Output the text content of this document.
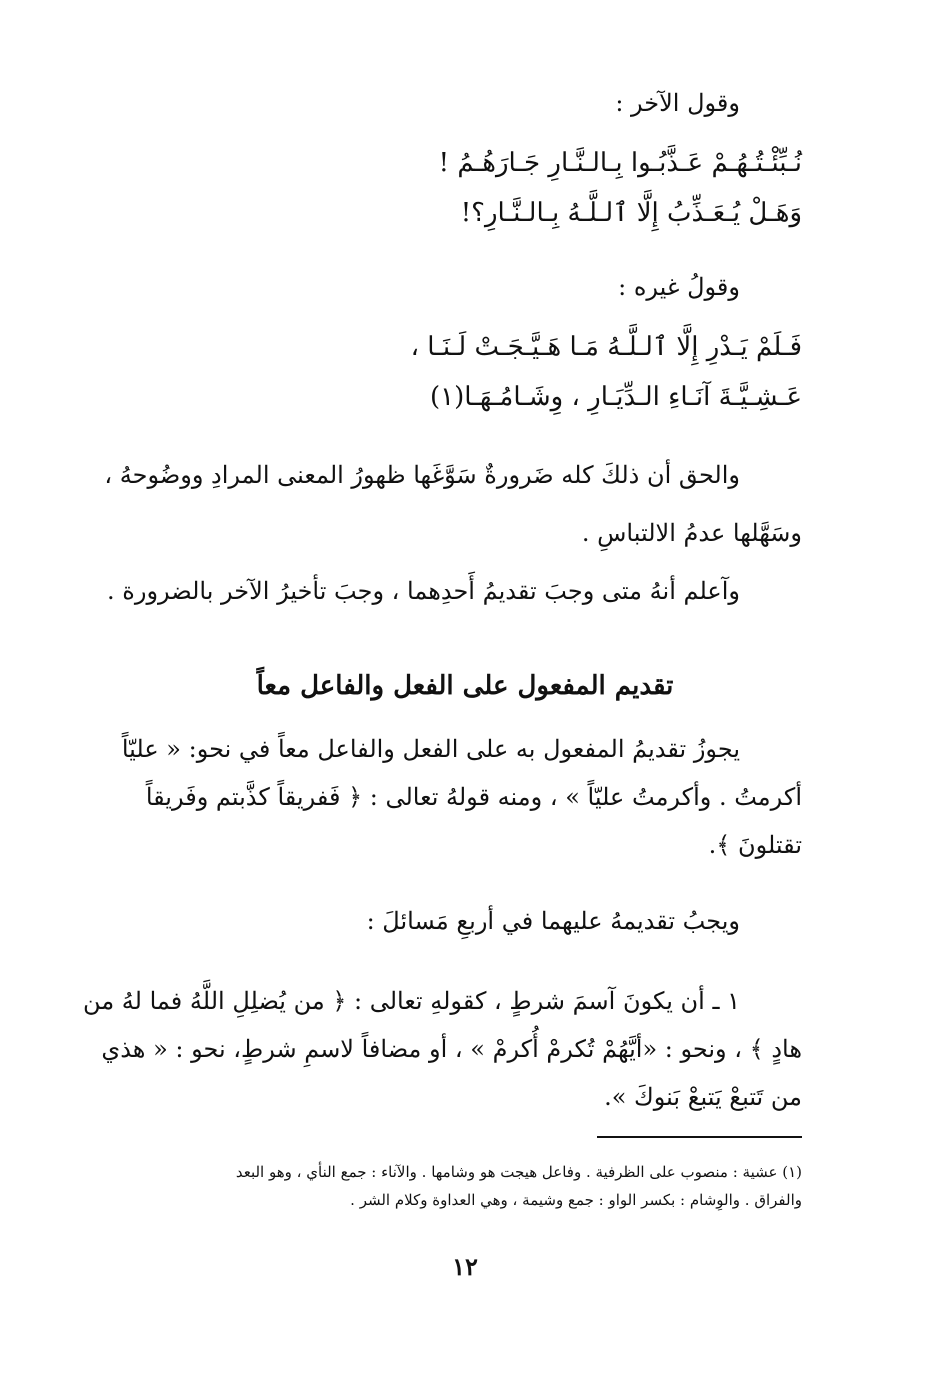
وقول الآخر :
نُـبِّئْـتُـهُـمْ عَـذَّبُـوا بِـالـنَّـارِ جَـارَهُـمُ !
وَهَـلْ يُـعَـذِّبُ إِلَّا ٱلـلَّـهُ بِـالـنَّـارِ؟!
وقولُ غيره :
فَـلَمْ يَـدْرِ إِلَّا ٱلـلَّـهُ مَـا هَـيَّـجَـتْ لَـنَـا ،
عَـشِـيَّـةَ آنَـاءِ الـدِّيَـارِ ، وِشَـامُـهَـا(١)
والحق أن ذلكَ كله ضَرورةٌ سَوَّغَها ظهورُ المعنى المرادِ ووضُوحهُ ،
وسَهَّلها عدمُ الالتباسِ .
وآعلم أنهُ متى وجبَ تقديمُ أَحدِهما ، وجبَ تأخيرُ الآخر بالضرورة .
تقديم المفعول على الفعل والفاعل معاً
يجوزُ تقديمُ المفعول به على الفعل والفاعل معاً في نحو: « عليّاً
أكرمتُ . وأكرمتُ عليّاً » ، ومنه قولهُ تعالى : ﴿ فَفريقاً كذَّبتم وفَريقاً
تقتلونَ ﴾.
ويجبُ تقديمهُ عليهما في أربعِ مَسائلَ :
١ ـ أن يكونَ آسمَ شرطٍ ، كقولهِ تعالى : ﴿ من يُضلِلِ اللَّهُ فما لهُ من
هادٍ ﴾ ، ونحو : «أيَّهُمْ تُكرمْ أُكرمْ » ، أو مضافاً لاسمِ شرطٍ، نحو : « هذي
من تَتبعْ يَتبعْ بَنوكَ ».
(١) عشية : منصوب على الظرفية . وفاعل هيجت هو وشامها . والآناء : جمع النأي ، وهو البعد
والفراق . والوِشام : بكسر الواو : جمع وشيمة ، وهي العداوة وكلام الشر .
١٢
